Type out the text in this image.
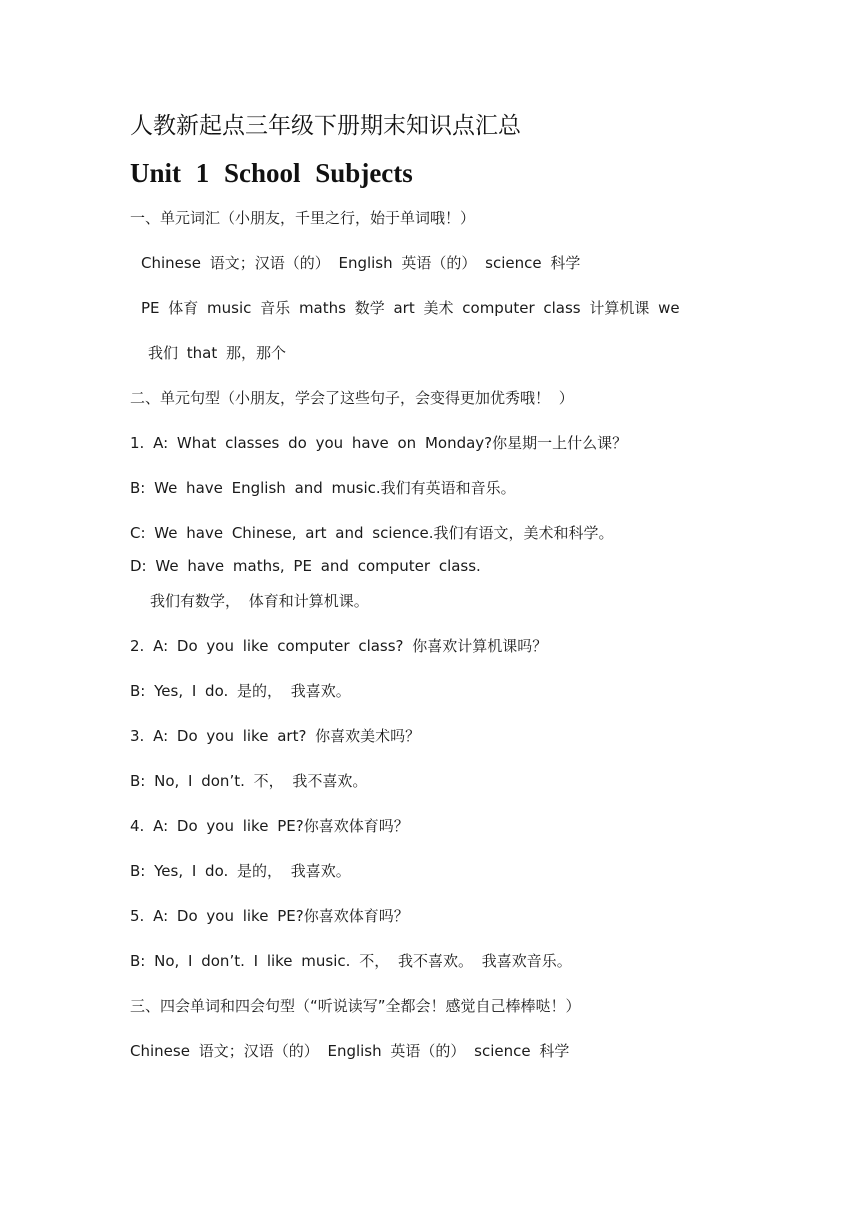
人教新起点三年级下册期末知识点汇总
Unit 1 School Subjects
一、单元词汇（小朋友，千里之行，始于单词哦！）
Chinese 语文；汉语（的） English 英语（的） science 科学
PE 体育 music 音乐 maths 数学 art 美术 computer class 计算机课 we
我们 that 那，那个
二、单元句型（小朋友，学会了这些句子，会变得更加优秀哦！ ）
1. A: What classes do you have on Monday?你星期一上什么课？
B: We have English and music.我们有英语和音乐。
C: We have Chinese, art and science.我们有语文，美术和科学。
D: We have maths, PE and computer class.
我们有数学， 体育和计算机课。
2. A: Do you like computer class? 你喜欢计算机课吗？
B: Yes, I do. 是的， 我喜欢。
3. A: Do you like art? 你喜欢美术吗？
B: No, I don’t. 不， 我不喜欢。
4. A: Do you like PE?你喜欢体育吗？
B: Yes, I do. 是的， 我喜欢。
5. A: Do you like PE?你喜欢体育吗？
B: No, I don’t. I like music. 不， 我不喜欢。 我喜欢音乐。
三、四会单词和四会句型（“听说读写”全都会！感觉自己棒棒哒！）
Chinese 语文；汉语（的） English 英语（的） science 科学
